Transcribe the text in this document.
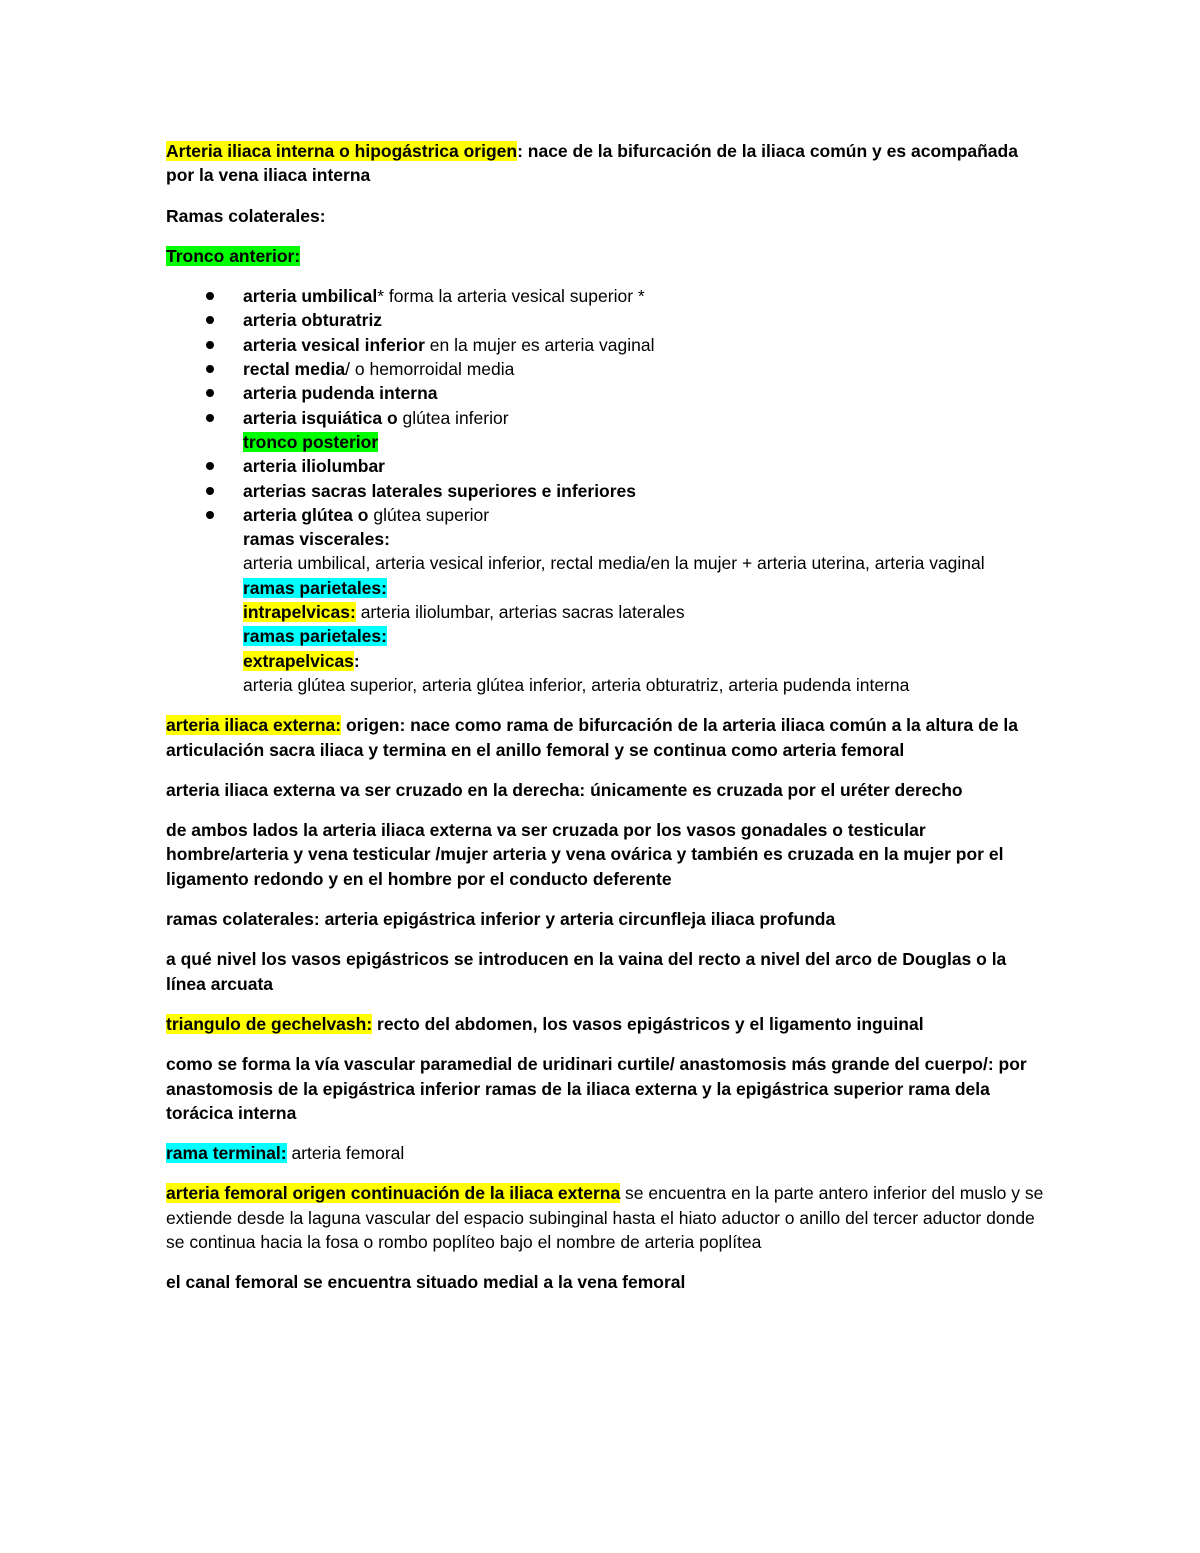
Arteria iliaca interna o hipogástrica origen: nace de la bifurcación de la iliaca común y es acompañada por la vena iliaca interna

Ramas colaterales:

Tronco anterior:

arteria umbilical* forma la arteria vesical superior *
arteria obturatriz
arteria vesical inferior en la mujer es arteria vaginal
rectal media/ o hemorroidal media
arteria pudenda interna
arteria isquiática o glútea inferior
tronco posterior
arteria iliolumbar
arterias sacras laterales superiores e inferiores
arteria glútea o glútea superior
ramas viscerales:
arteria umbilical, arteria vesical inferior, rectal media/en la mujer + arteria uterina, arteria vaginal
ramas parietales:
intrapelvicas: arteria iliolumbar, arterias sacras laterales
ramas parietales:
extrapelvicas:
arteria glútea superior, arteria glútea inferior, arteria obturatriz, arteria pudenda interna

arteria iliaca externa: origen: nace como rama de bifurcación de la arteria iliaca común a la altura de la articulación sacra iliaca y termina en el anillo femoral y se continua como arteria femoral

arteria iliaca externa va ser cruzado en la derecha: únicamente es cruzada por el uréter derecho

de ambos lados la arteria iliaca externa va ser cruzada por los vasos gonadales o testicular hombre/arteria y vena testicular /mujer arteria y vena ovárica y también es cruzada en la mujer por el ligamento redondo y en el hombre por el conducto deferente

ramas colaterales: arteria epigástrica inferior y arteria circunfleja iliaca profunda

a qué nivel los vasos epigástricos se introducen en la vaina del recto a nivel del arco de Douglas o la línea arcuata

triangulo de gechelvash: recto del abdomen, los vasos epigástricos y el ligamento inguinal

como se forma la vía vascular paramedial de uridinari curtile/ anastomosis más grande del cuerpo/: por anastomosis de la epigástrica inferior ramas de la iliaca externa y la epigástrica superior rama dela torácica interna

rama terminal: arteria femoral

arteria femoral origen continuación de la iliaca externa se encuentra en la parte antero inferior del muslo y se extiende desde la laguna vascular del espacio subinginal hasta el hiato aductor o anillo del tercer aductor donde se continua hacia la fosa o rombo poplíteo bajo el nombre de arteria poplítea

el canal femoral se encuentra situado medial a la vena femoral
